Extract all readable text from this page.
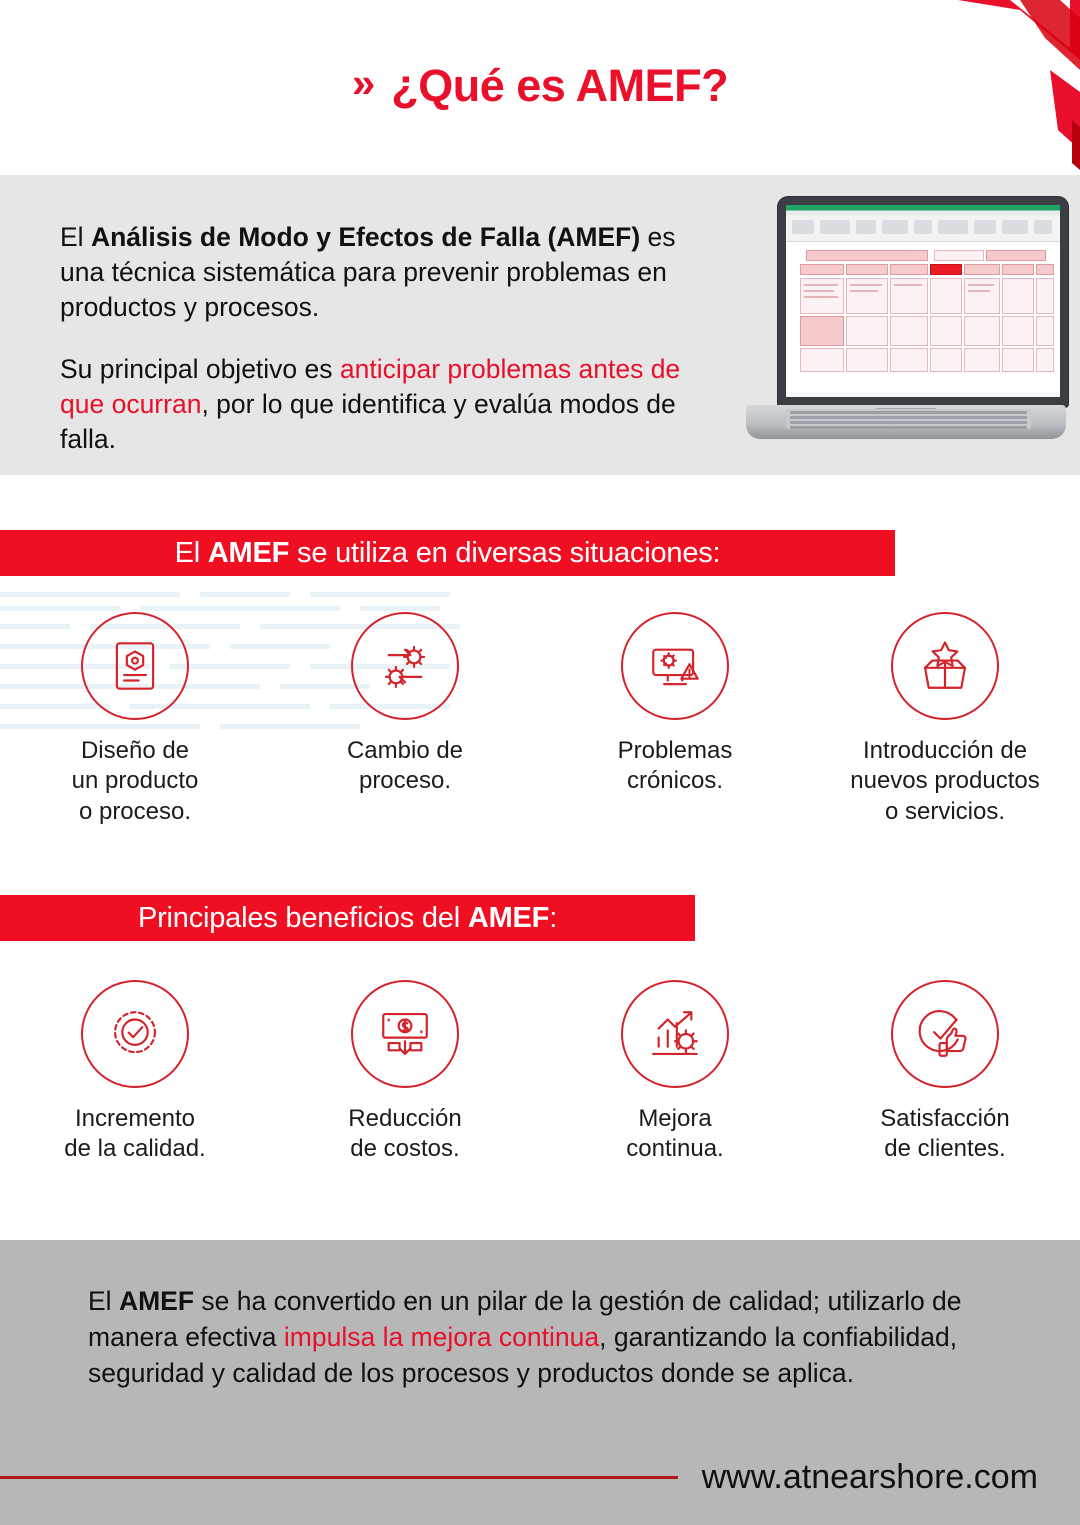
» ¿Qué es AMEF?

El Análisis de Modo y Efectos de Falla (AMEF) es una técnica sistemática para prevenir problemas en productos y procesos.

Su principal objetivo es anticipar problemas antes de que ocurran, por lo que identifica y evalúa modos de falla.

El AMEF se utiliza en diversas situaciones:
Diseño de
un producto
o proceso.
Cambio de
proceso.
Problemas
crónicos.
Introducción de
nuevos productos
o servicios.
Principales beneficios del AMEF:
Incremento
de la calidad.
Reducción
de costos.
Mejora
continua.
Satisfacción
de clientes.
El AMEF se ha convertido en un pilar de la gestión de calidad; utilizarlo de manera efectiva impulsa la mejora continua, garantizando la confiabilidad, seguridad y calidad de los procesos y productos donde se aplica.
www.atnearshore.com
